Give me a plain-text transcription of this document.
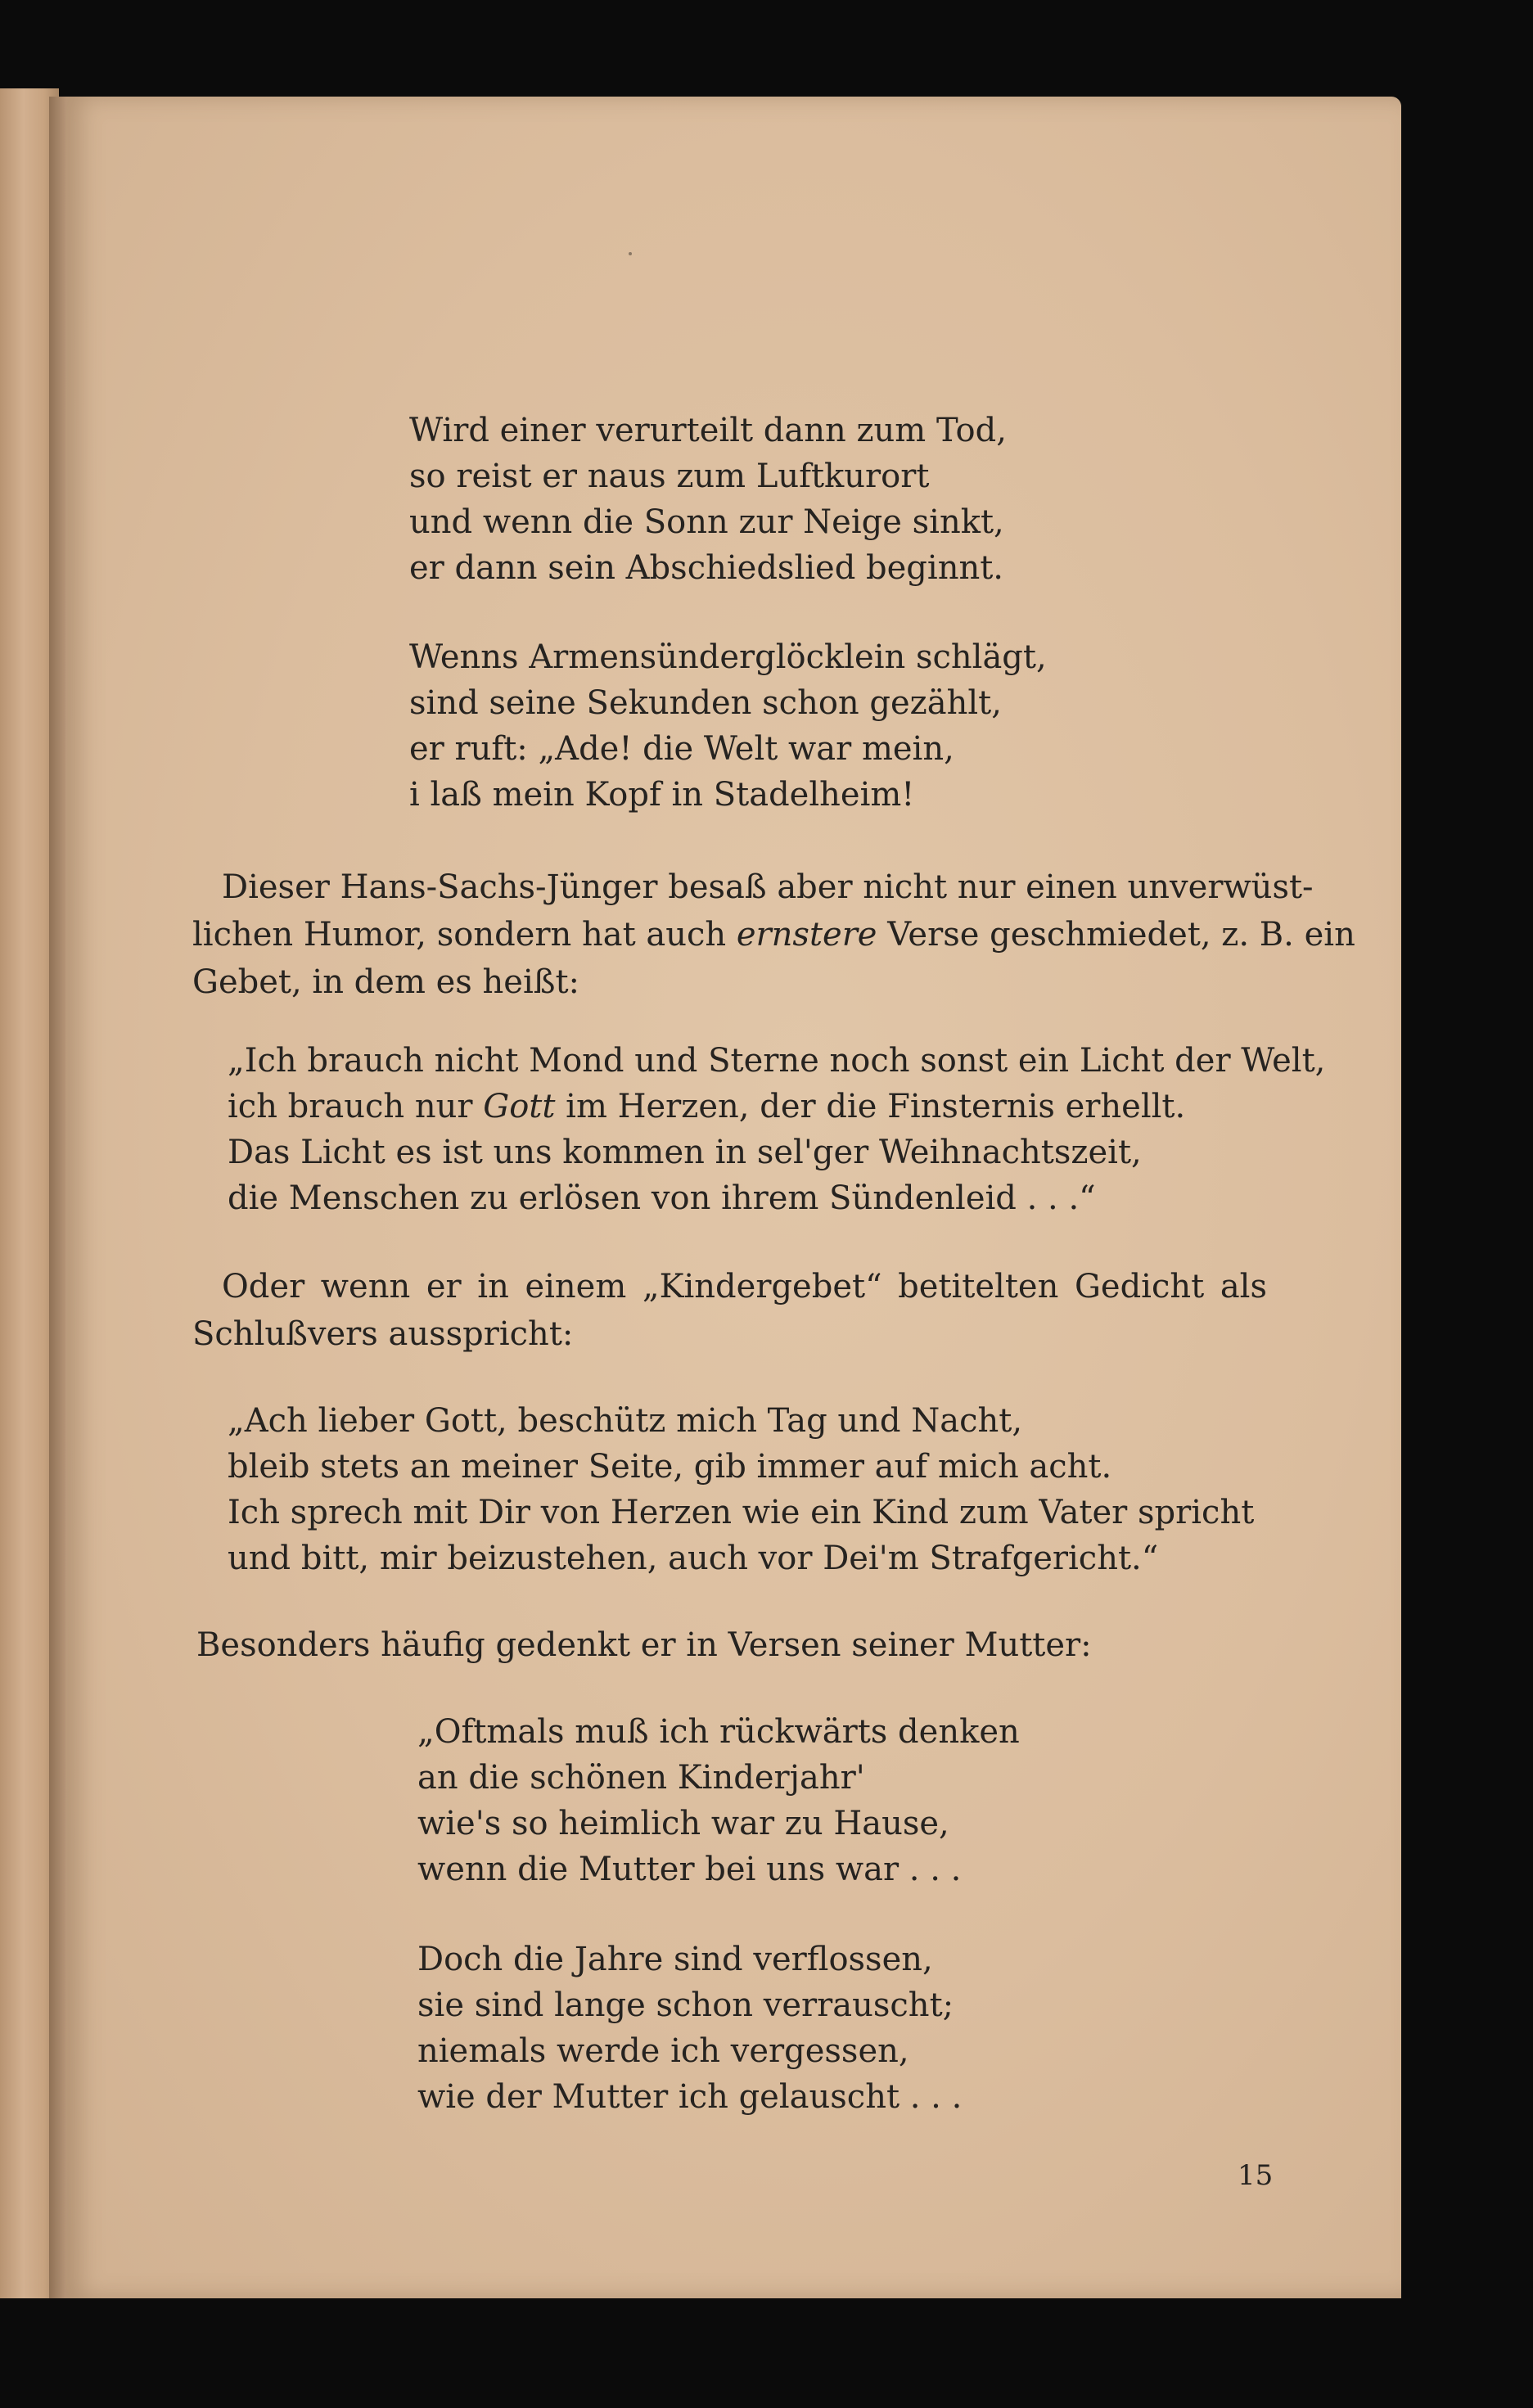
Wird einer verurteilt dann zum Tod,

so reist er naus zum Luftkurort

und wenn die Sonn zur Neige sinkt,

er dann sein Abschiedslied beginnt.

Wenns Armensünderglöcklein schlägt,

sind seine Sekunden schon gezählt,

er ruft: „Ade! die Welt war mein,

i laß mein Kopf in Stadelheim!

Dieser Hans-Sachs-Jünger besaß aber nicht nur einen unverwüst-

lichen Humor, sondern hat auch ernstere Verse geschmiedet, z. B. ein

Gebet, in dem es heißt:

„Ich brauch nicht Mond und Sterne noch sonst ein Licht der Welt,

ich brauch nur Gott im Herzen, der die Finsternis erhellt.

Das Licht es ist uns kommen in sel'ger Weihnachtszeit,

die Menschen zu erlösen von ihrem Sündenleid . . .“

Oder wenn er in einem „Kindergebet“ betitelten Gedicht als

Schlußvers ausspricht:

„Ach lieber Gott, beschütz mich Tag und Nacht,

bleib stets an meiner Seite, gib immer auf mich acht.

Ich sprech mit Dir von Herzen wie ein Kind zum Vater spricht

und bitt, mir beizustehen, auch vor Dei'm Strafgericht.“

Besonders häufig gedenkt er in Versen seiner Mutter:

„Oftmals muß ich rückwärts denken

an die schönen Kinderjahr'

wie's so heimlich war zu Hause,

wenn die Mutter bei uns war . . .

Doch die Jahre sind verflossen,

sie sind lange schon verrauscht;

niemals werde ich vergessen,

wie der Mutter ich gelauscht . . .

15
